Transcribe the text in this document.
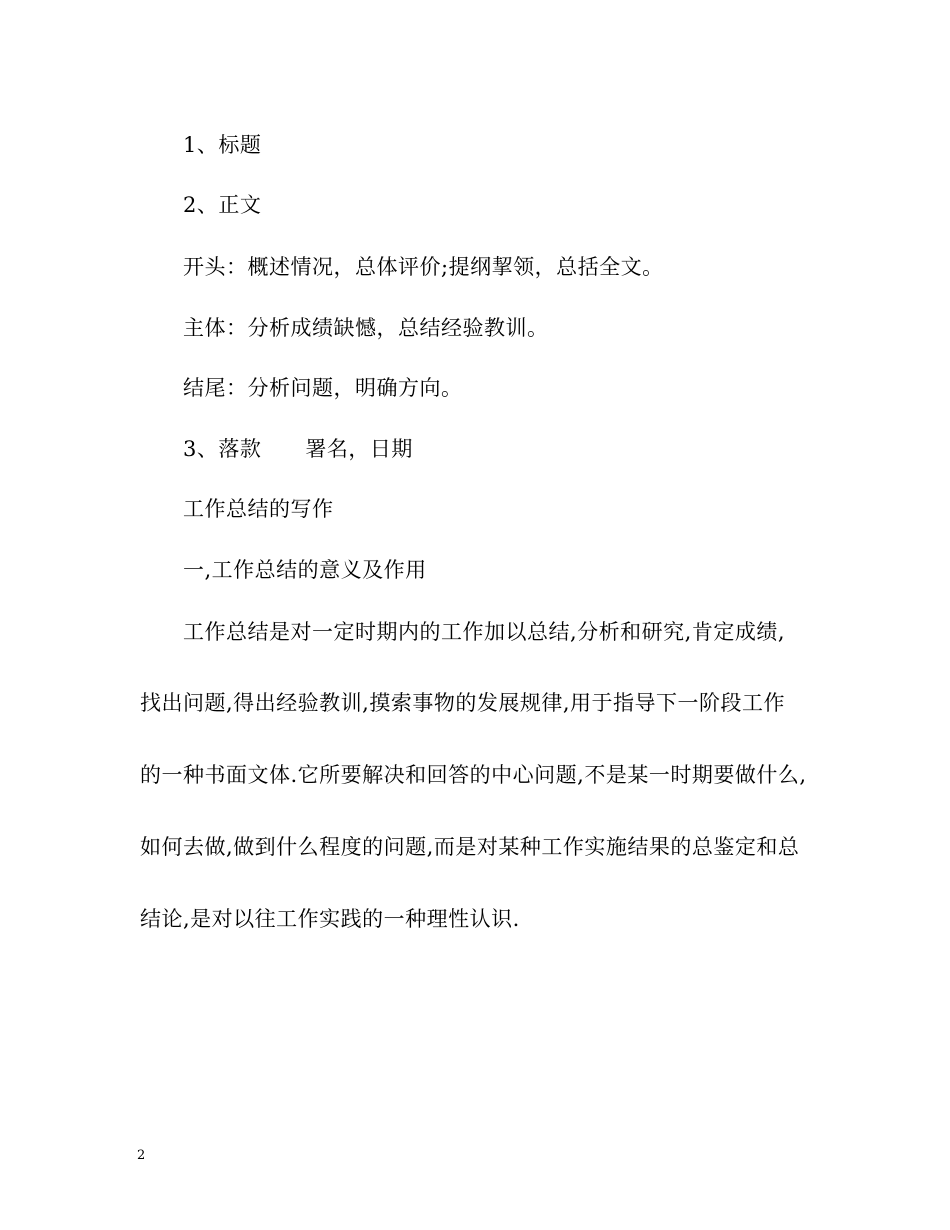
1、标题
2、正文
开头：概述情况，总体评价;提纲挈领，总括全文。
主体：分析成绩缺憾，总结经验教训。
结尾：分析问题，明确方向。
3、落款 署名，日期
工作总结的写作
一,工作总结的意义及作用
工作总结是对一定时期内的工作加以总结,分析和研究,肯定成绩,
找出问题,得出经验教训,摸索事物的发展规律,用于指导下一阶段工作
的一种书面文体.它所要解决和回答的中心问题,不是某一时期要做什么,
如何去做,做到什么程度的问题,而是对某种工作实施结果的总鉴定和总
结论,是对以往工作实践的一种理性认识.
2
